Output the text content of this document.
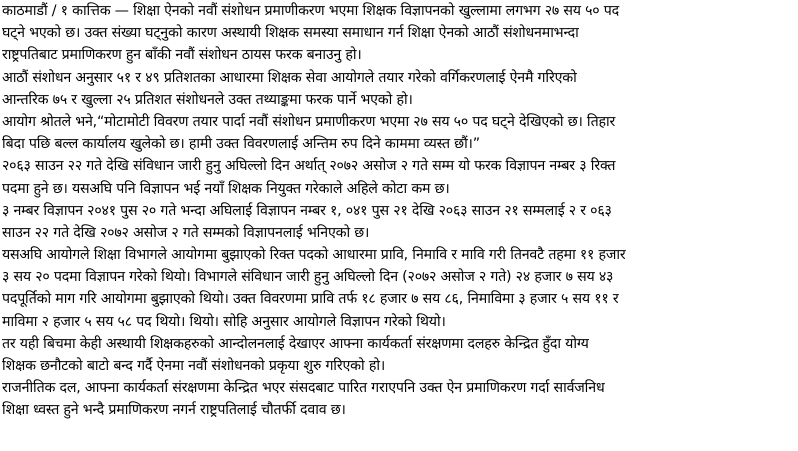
काठमाडौं / १ कात्तिक — शिक्षा ऐनको नवौं संशोधन प्रमाणीकरण भएमा शिक्षक विज्ञापनको खुल्लामा लगभग २७ सय ५० पद
घट्ने भएको छ। उक्त संख्या घट्नुको कारण अस्थायी शिक्षक समस्या समाधान गर्न शिक्षा ऐनको आठौं संशोधनमाभन्दा
राष्ट्रपतिबाट प्रमाणिकरण हुन बाँकी नवौं संशोधन ठायस फरक बनाउनु हो।
आठौं संशोधन अनुसार ५१ र ४९ प्रतिशतका आधारमा शिक्षक सेवा आयोगले तयार गरेको वर्गिकरणलाई ऐनमै गरिएको
आन्तरिक ७५ र खुल्ला २५ प्रतिशत संशोधनले उक्त तथ्याङ्कमा फरक पार्ने भएको हो।
आयोग श्रोतले भने,“मोटामोटी विवरण तयार पार्दा नवौं संशोधन प्रमाणीकरण भएमा २७ सय ५० पद घट्ने देखिएको छ। तिहार
बिदा पछि बल्ल कार्यालय खुलेको छ। हामी उक्त विवरणलाई अन्तिम रुप दिने काममा व्यस्त छौं।”
२०६३ साउन २२ गते देखि संविधान जारी हुनु अघिल्लो दिन अर्थात् २०७२ असोज २ गते सम्म यो फरक विज्ञापन नम्बर ३ रिक्त
पदमा हुने छ। यसअघि पनि विज्ञापन भई नयाँ शिक्षक नियुक्त गरेकाले अहिले कोटा कम छ।
३ नम्बर विज्ञापन २०४१ पुस २० गते भन्दा अघिलाई विज्ञापन नम्बर १, ०४१ पुस २१ देखि २०६३ साउन २१ सम्मलाई २ र ०६३
साउन २२ गते देखि २०७२ असोज २ गते सम्मको विज्ञापनलाई भनिएको छ।
यसअघि आयोगले शिक्षा विभागले आयोगमा बुझाएको रिक्त पदको आधारमा प्रावि, निमावि र मावि गरी तिनवटै तहमा ११ हजार
३ सय २० पदमा विज्ञापन गरेको थियो। विभागले संविधान जारी हुनु अघिल्लो दिन (२०७२ असोज २ गते) २४ हजार ७ सय ४३
पदपूर्तिको माग गरि आयोगमा बुझाएको थियो। उक्त विवरणमा प्रावि तर्फ १८ हजार ७ सय ८६, निमाविमा ३ हजार ५ सय ११ र
माविमा २ हजार ५ सय ५८ पद थियो। थियो। सोहि अनुसार आयोगले विज्ञापन गरेको थियो।
तर यही बिचमा केही अस्थायी शिक्षकहरुको आन्दोलनलाई देखाएर आफ्ना कार्यकर्ता संरक्षणमा दलहरु केन्द्रित हुँदा योग्य
शिक्षक छनौटको बाटो बन्द गर्दै ऐनमा नवौं संशोधनको प्रकृया शुरु गरिएको हो।
राजनीतिक दल, आफ्ना कार्यकर्ता संरक्षणमा केन्द्रित भएर संसदबाट पारित गराएपनि उक्त ऐन प्रमाणिकरण गर्दा सार्वजनिध
शिक्षा ध्वस्त हुने भन्दै प्रमाणिकरण नगर्न राष्ट्रपतिलाई चौतर्फी दवाव छ।
